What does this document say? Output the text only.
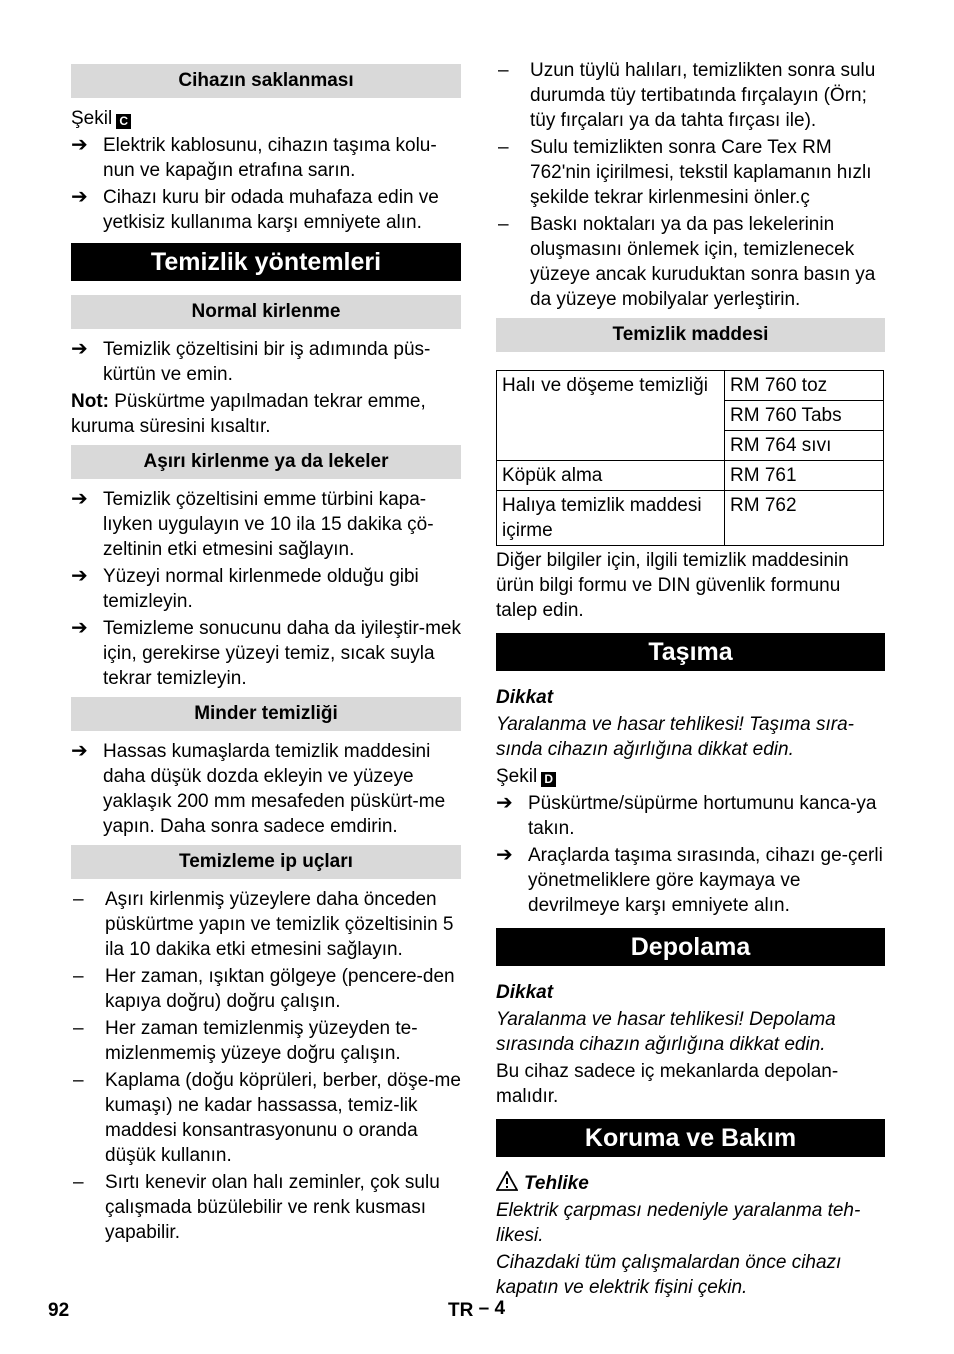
Cihazın saklanması

Şekil C

➔ Elektrik kablosunu, cihazın taşıma kolu-nun ve kapağın etrafına sarın.
➔ Cihazı kuru bir odada muhafaza edin ve yetkisiz kullanıma karşı emniyete alın.
Temizlik yöntemleri
Normal kirlenme
➔ Temizlik çözeltisini bir iş adımında püs-kürtün ve emin.

Not: Püskürtme yapılmadan tekrar emme, kuruma süresini kısaltır.

Aşırı kirlenme ya da lekeler
➔ Temizlik çözeltisini emme türbini kapa-lıyken uygulayın ve 10 ila 15 dakika çö-zeltinin etki etmesini sağlayın.
➔ Yüzeyi normal kirlenmede olduğu gibi temizleyin.
➔ Temizleme sonucunu daha da iyileştir-mek için, gerekirse yüzeyi temiz, sıcak suyla tekrar temizleyin.
Minder temizliği
➔ Hassas kumaşlarda temizlik maddesini daha düşük dozda ekleyin ve yüzeye yaklaşık 200 mm mesafeden püskürt-me yapın. Daha sonra sadece emdirin.
Temizleme ip uçları
–	Aşırı kirlenmiş yüzeylere daha önceden püskürtme yapın ve temizlik çözeltisinin 5 ila 10 dakika etki etmesini sağlayın.
–	Her zaman, ışıktan gölgeye (pencere-den kapıya doğru) doğru çalışın.
–	Her zaman temizlenmiş yüzeyden te-mizlenmemiş yüzeye doğru çalışın.
–	Kaplama (doğu köprüleri, berber, döşe-me kumaşı) ne kadar hassassa, temiz-lik maddesi konsantrasyonunu o oranda düşük kullanın.
–	Sırtı kenevir olan halı zeminler, çok sulu çalışmada büzülebilir ve renk kusması yapabilir.
–	Uzun tüylü halıları, temizlikten sonra sulu durumda tüy tertibatında fırçalayın (Örn; tüy fırçaları ya da tahta fırçası ile).
–	Sulu temizlikten sonra Care Tex RM 762'nin içirilmesi, tekstil kaplamanın hızlı şekilde tekrar kirlenmesini önler.ç
–	Baskı noktaları ya da pas lekelerinin oluşmasını önlemek için, temizlenecek yüzeye ancak kuruduktan sonra basın ya da yüzeye mobilyalar yerleştirin.
Temizlik maddesi
Halı ve döşeme temizliği	RM 760 toz
	RM 760 Tabs
	RM 764 sıvı
Köpük alma	RM 761
Halıya temizlik maddesi içirme	RM 762

Diğer bilgiler için, ilgili temizlik maddesinin ürün bilgi formu ve DIN güvenlik formunu talep edin.

Taşıma

Dikkat

Yaralanma ve hasar tehlikesi! Taşıma sıra-sında cihazın ağırlığına dikkat edin.

Şekil D

➔ Püskürtme/süpürme hortumunu kanca-ya takın.
➔ Araçlarda taşıma sırasında, cihazı ge-çerli yönetmeliklere göre kaymaya ve devrilmeye karşı emniyete alın.
Depolama

Dikkat

Yaralanma ve hasar tehlikesi! Depolama sırasında cihazın ağırlığına dikkat edin.

Bu cihaz sadece iç mekanlarda depolan-malıdır.

Koruma ve Bakım

Tehlike

Elektrik çarpması nedeniyle yaralanma teh-likesi.

Cihazdaki tüm çalışmalardan önce cihazı kapatın ve elektrik fişini çekin.

92	TR – 4
